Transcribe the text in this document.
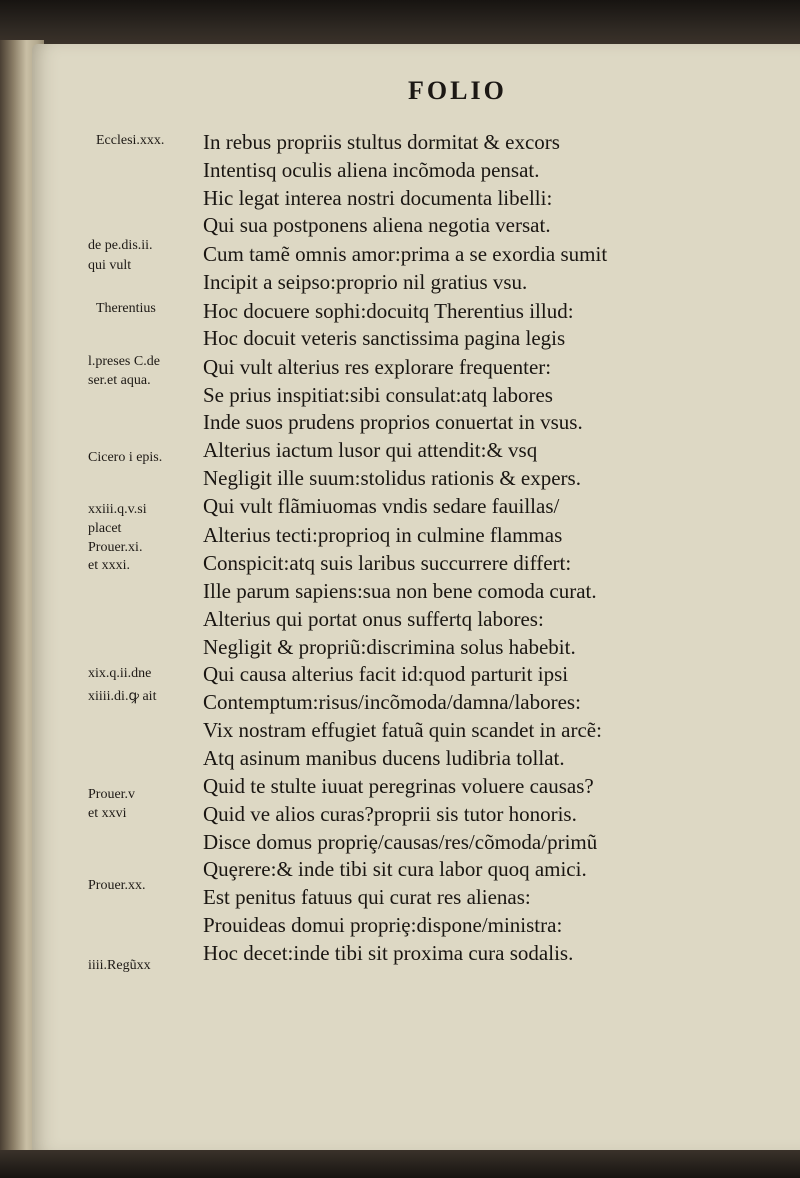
FOLIO
Ecclesi.xxx.
de pe.dis.ii.
qui vult
Therentius
l.preses C.de
ser.et aqua.
Cicero i epis.
xxiii.q.v.si
placet
Prouer.xi.
et xxxi.
xix.q.ii.dne
xiiii.di.ꝙ ait
Prouer.v
et xxvi
Prouer.xx.
iiii.Regũxx
In rebus propriis stultus dormitat & excors
Intentisq oculis aliena incõmoda pensat.
Hic legat interea nostri documenta libelli:
Qui sua postponens aliena negotia versat.
Cum tamẽ omnis amor:prima a se exordia sumit
Incipit a seipso:proprio nil gratius vsu.
Hoc docuere sophi:docuitq Therentius illud:
Hoc docuit veteris sanctissima pagina legis
Qui vult alterius res explorare frequenter:
Se prius inspitiat:sibi consulat:atq labores
Inde suos prudens proprios conuertat in vsus.
Alterius iactum lusor qui attendit:& vsq
Negligit ille suum:stolidus rationis & expers.
Qui vult flãmiuomas vndis sedare fauillas/
Alterius tecti:proprioq in culmine flammas
Conspicit:atq suis laribus succurrere differt:
Ille parum sapiens:sua non bene comoda curat.
Alterius qui portat onus suffertq labores:
Negligit & propriũ:discrimina solus habebit.
Qui causa alterius facit id:quod parturit ipsi
Contemptum:risus/incõmoda/damna/labores:
Vix nostram effugiet fatuã quin scandet in arcẽ:
Atq asinum manibus ducens ludibria tollat.
Quid te stulte iuuat peregrinas voluere causas?
Quid ve alios curas?proprii sis tutor honoris.
Disce domus propriȩ/causas/res/cõmoda/primũ
Quȩrere:& inde tibi sit cura labor quoq amici.
Est penitus fatuus qui curat res alienas:
Prouideas domui propriȩ:dispone/ministra:
Hoc decet:inde tibi sit proxima cura sodalis.
